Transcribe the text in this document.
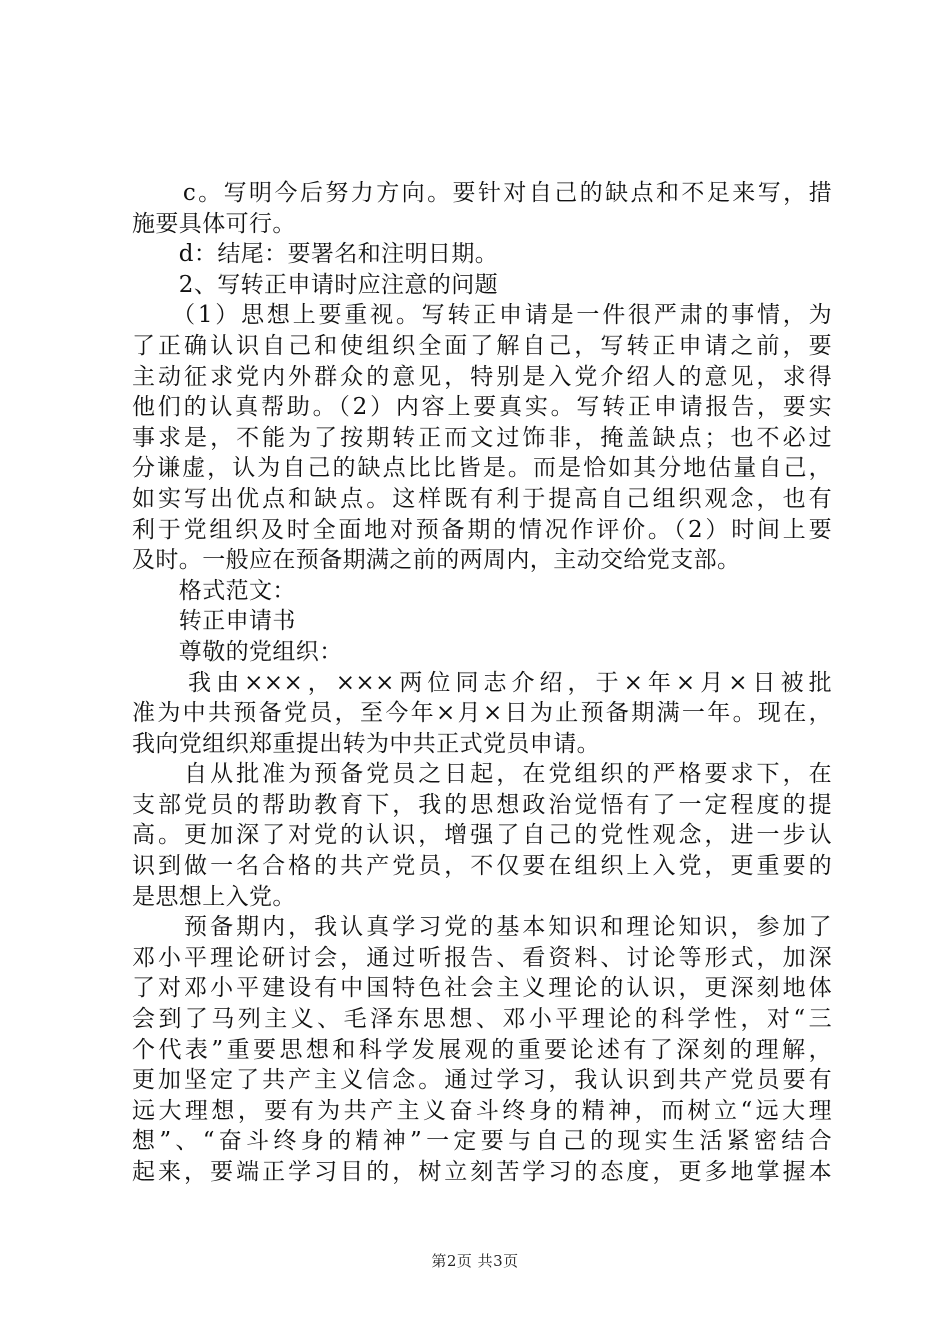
　　c。写明今后努力方向。要针对自己的缺点和不足来写，措
施要具体可行。
　　d：结尾：要署名和注明日期。
　　2、写转正申请时应注意的问题
　　（1）思想上要重视。写转正申请是一件很严肃的事情，为
了正确认识自己和使组织全面了解自己，写转正申请之前，要
主动征求党内外群众的意见，特别是入党介绍人的意见，求得
他们的认真帮助。（2）内容上要真实。写转正申请报告，要实
事求是，不能为了按期转正而文过饰非，掩盖缺点；也不必过
分谦虚，认为自己的缺点比比皆是。而是恰如其分地估量自己，
如实写出优点和缺点。这样既有利于提高自己组织观念，也有
利于党组织及时全面地对预备期的情况作评价。（2）时间上要
及时。一般应在预备期满之前的两周内，主动交给党支部。
　　格式范文：
　　转正申请书
　　尊敬的党组织：
　　我由×××，×××两位同志介绍，于×年×月×日被批
准为中共预备党员，至今年×月×日为止预备期满一年。现在，
我向党组织郑重提出转为中共正式党员申请。
　　自从批准为预备党员之日起，在党组织的严格要求下，在
支部党员的帮助教育下，我的思想政治觉悟有了一定程度的提
高。更加深了对党的认识，增强了自己的党性观念，进一步认
识到做一名合格的共产党员，不仅要在组织上入党，更重要的
是思想上入党。
　　预备期内，我认真学习党的基本知识和理论知识，参加了
邓小平理论研讨会，通过听报告、看资料、讨论等形式，加深
了对邓小平建设有中国特色社会主义理论的认识，更深刻地体
会到了马列主义、毛泽东思想、邓小平理论的科学性，对“三
个代表”重要思想和科学发展观的重要论述有了深刻的理解，
更加坚定了共产主义信念。通过学习，我认识到共产党员要有
远大理想，要有为共产主义奋斗终身的精神，而树立“远大理
想”、“奋斗终身的精神”一定要与自己的现实生活紧密结合
起来，要端正学习目的，树立刻苦学习的态度，更多地掌握本
第2页 共3页
